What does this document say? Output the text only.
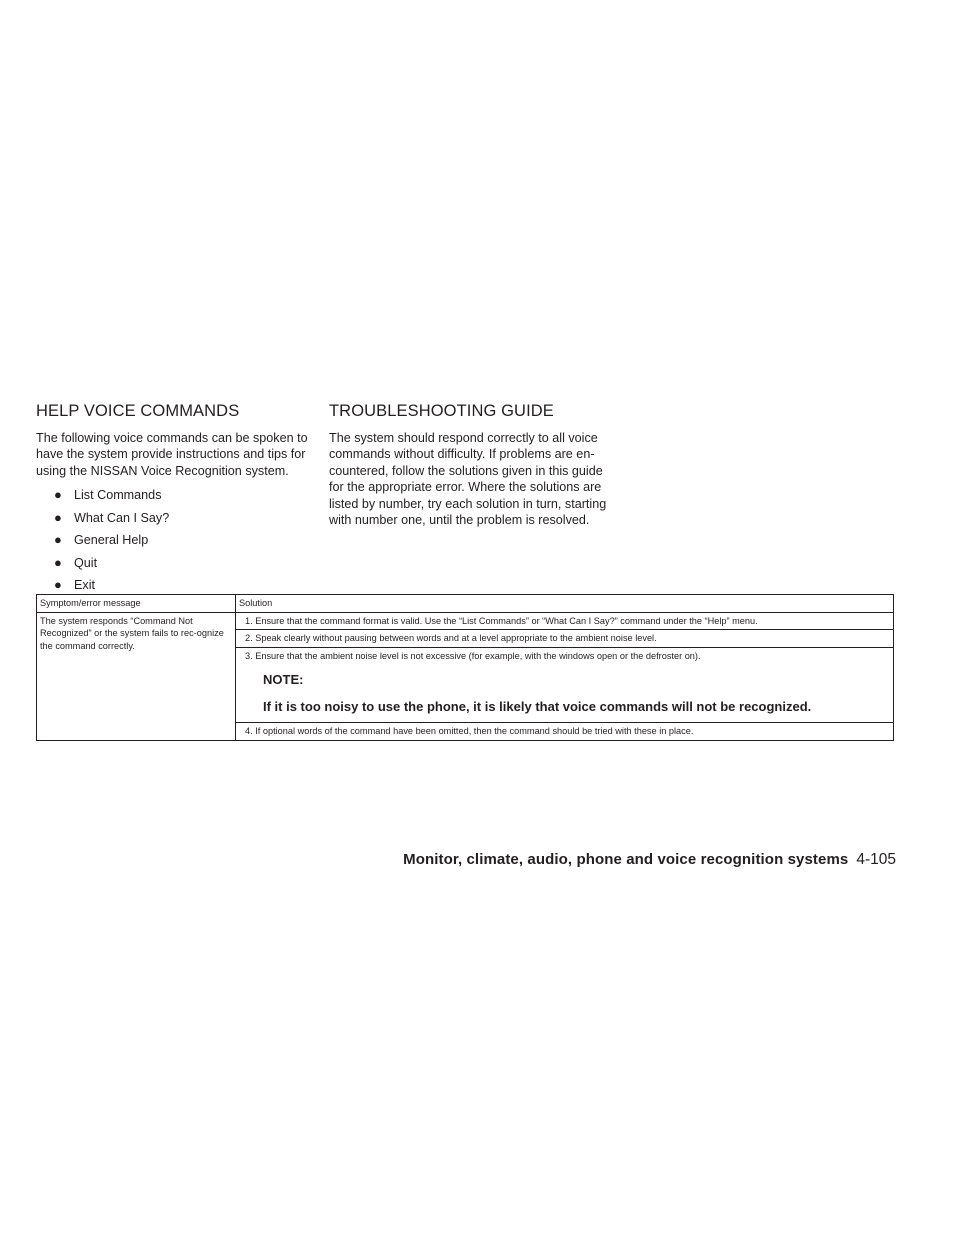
HELP VOICE COMMANDS

The following voice commands can be spoken to have the system provide instructions and tips for using the NISSAN Voice Recognition system.

● List Commands
● What Can I Say?
● General Help
● Quit
● Exit
TROUBLESHOOTING GUIDE

The system should respond correctly to all voice commands without difficulty. If problems are en-countered, follow the solutions given in this guide for the appropriate error. Where the solutions are listed by number, try each solution in turn, starting with number one, until the problem is resolved.

Symptom/error message	Solution
The system responds “Command Not Recognized” or the system fails to rec-ognize the command correctly.	1. Ensure that the command format is valid. Use the “List Commands” or “What Can I Say?” command under the “Help” menu.
	2. Speak clearly without pausing between words and at a level appropriate to the ambient noise level.

	3. Ensure that the ambient noise level is not excessive (for example, with the windows open or the defroster on).
NOTE:
If it is too noisy to use the phone, it is likely that voice commands will not be recognized.

	4. If optional words of the command have been omitted, then the command should be tried with these in place.
Monitor, climate, audio, phone and voice recognition systems 4-105
